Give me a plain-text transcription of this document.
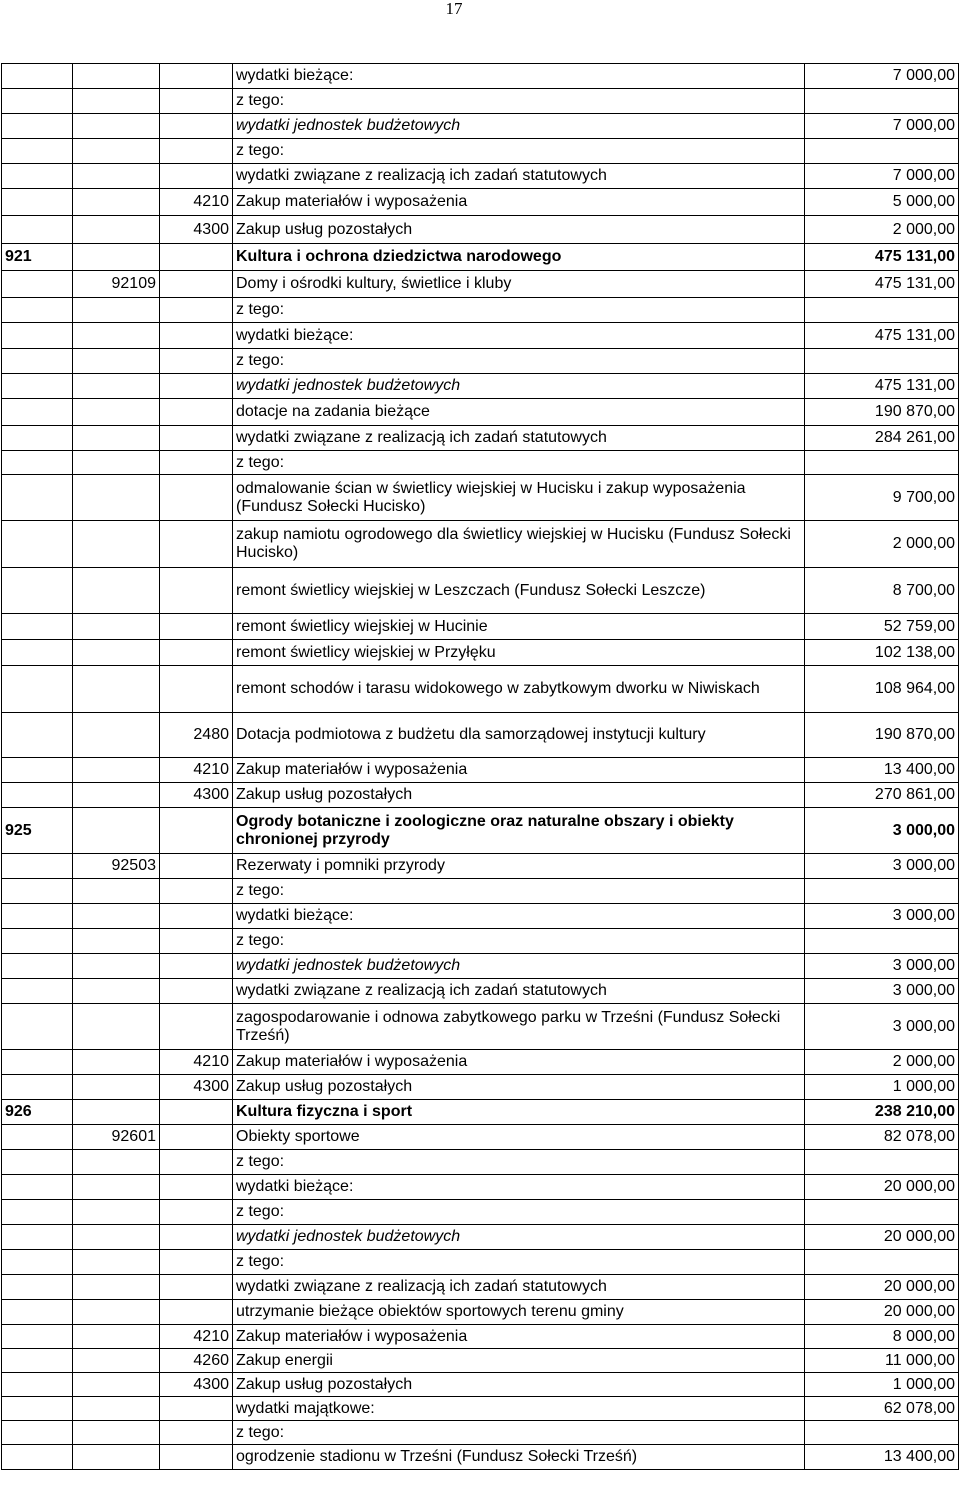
17
			wydatki bieżące:	7 000,00
			z tego:	
			wydatki jednostek budżetowych	7 000,00
			z tego:	
			wydatki związane z realizacją ich zadań statutowych	7 000,00
		4210	Zakup materiałów i wyposażenia	5 000,00
		4300	Zakup usług pozostałych	2 000,00
921			Kultura i ochrona dziedzictwa narodowego	475 131,00
	92109		Domy i ośrodki kultury, świetlice i kluby	475 131,00
			z tego:	
			wydatki bieżące:	475 131,00
			z tego:	
			wydatki jednostek budżetowych	475 131,00
			dotacje na zadania bieżące	190 870,00
			wydatki związane z realizacją ich zadań statutowych	284 261,00
			z tego:	
			odmalowanie ścian w świetlicy wiejskiej w Hucisku i zakup wyposażenia (Fundusz Sołecki Hucisko)	9 700,00
			zakup namiotu ogrodowego dla świetlicy wiejskiej w Hucisku (Fundusz Sołecki Hucisko)	2 000,00
			remont świetlicy wiejskiej w Leszczach (Fundusz Sołecki Leszcze)	8 700,00
			remont świetlicy wiejskiej w Hucinie	52 759,00
			remont świetlicy wiejskiej w Przyłęku	102 138,00
			remont schodów i tarasu widokowego w zabytkowym dworku w Niwiskach	108 964,00
		2480	Dotacja podmiotowa z budżetu dla samorządowej instytucji kultury	190 870,00
		4210	Zakup materiałów i wyposażenia	13 400,00
		4300	Zakup usług pozostałych	270 861,00
925			Ogrody botaniczne i zoologiczne oraz naturalne obszary i obiekty chronionej przyrody	3 000,00
	92503		Rezerwaty i pomniki przyrody	3 000,00
			z tego:	
			wydatki bieżące:	3 000,00
			z tego:	
			wydatki jednostek budżetowych	3 000,00
			wydatki związane z realizacją ich zadań statutowych	3 000,00
			zagospodarowanie i odnowa zabytkowego parku w Trześni (Fundusz Sołecki Trześń)	3 000,00
		4210	Zakup materiałów i wyposażenia	2 000,00
		4300	Zakup usług pozostałych	1 000,00
926			Kultura fizyczna i sport	238 210,00
	92601		Obiekty sportowe	82 078,00
			z tego:	
			wydatki bieżące:	20 000,00
			z tego:	
			wydatki jednostek budżetowych	20 000,00
			z tego:	
			wydatki związane z realizacją ich zadań statutowych	20 000,00
			utrzymanie bieżące obiektów sportowych terenu gminy	20 000,00
		4210	Zakup materiałów i wyposażenia	8 000,00
		4260	Zakup energii	11 000,00
		4300	Zakup usług pozostałych	1 000,00
			wydatki majątkowe:	62 078,00
			z tego:	
			ogrodzenie stadionu w Trześni (Fundusz Sołecki Trześń)	13 400,00
